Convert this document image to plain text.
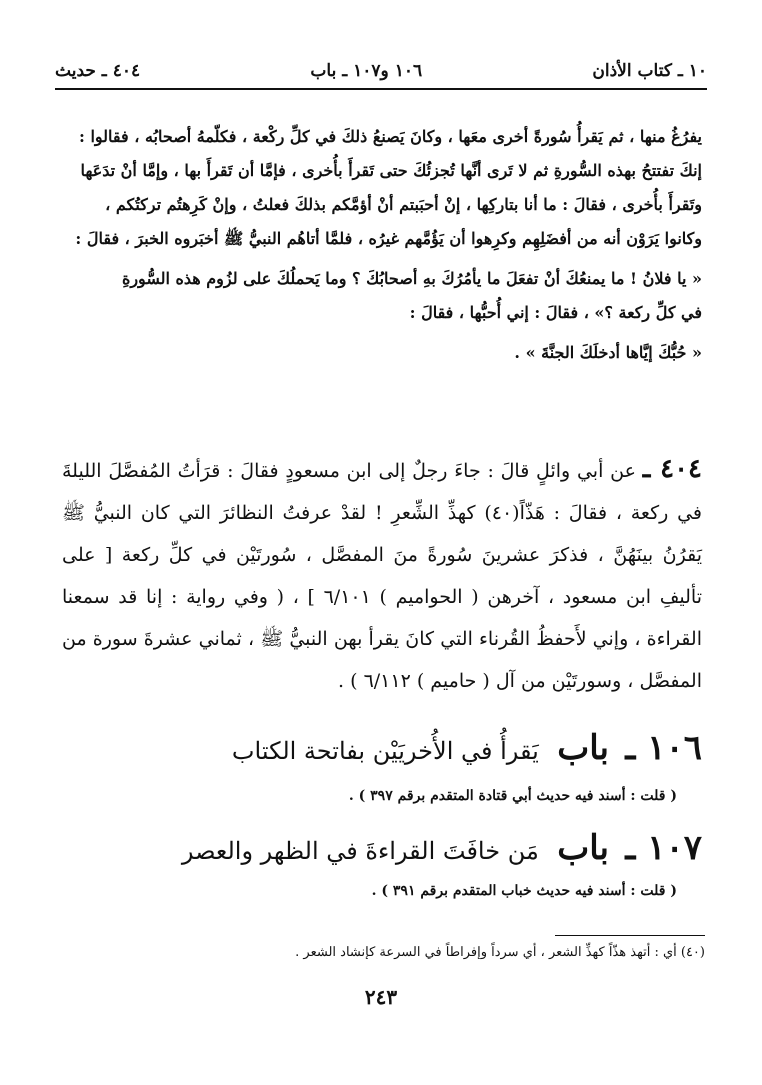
١٠ ـ كتاب الأذان
١٠٦ و١٠٧ ـ باب
٤٠٤ ـ حديث

يفرُغُ منها ، ثم يَقرأُ سُورةً أخرى معَها ، وكانَ يَصنعُ ذلكَ في كلِّ ركْعة ، فكلّمهُ أصحابُه ، فقالوا :

إنكَ تفتتحُ بهذه السُّورةِ ثم لا تَرى أنَّها تُجزئُكَ حتى تَقرأَ بأُخرى ، فإمَّا أن تَقرأَ بها ، وإمَّا أنْ تدَعَها

وتَقرأَ بأُخرى ، فقالَ : ما أنا بتاركِها ، إنْ أحبَبتم أنْ أؤمَّكم بذلكَ فعلتُ ، وإنْ كَرِهتُم تركتُكم ،

وكانوا يَرَوْن أنه من أفضَلِهِم وكرِهوا أن يَؤُمَّهم غيرُه ، فلمَّا أتاهُم النبيُّ ﷺ أخبَروه الخبرَ ، فقالَ :

« يا فلانُ ! ما يمنعُكَ أنْ تفعَلَ ما يأمُرُكَ بهِ أصحابُكَ ؟ وما يَحملُكَ على لزُوم هذه السُّورةِ

في كلِّ ركعة ؟» ، فقالَ : إني أُحبُّها ، فقالَ :

« حُبُّكَ إيَّاها أدخلَكَ الجنَّةَ » .

٤٠٤ ـ عن أبي وائلٍ قالَ : جاءَ رجلٌ إلى ابن مسعودٍ فقالَ : قرَأتُ المُفصَّلَ الليلةَ في ركعة ، فقالَ : هَذّاً(٤٠) كهذِّ الشِّعرِ ! لقدْ عرفتُ النظائرَ التي كان النبيُّ ﷺ يَقرُنُ بينَهُنَّ ، فذكرَ عشرينَ سُورةً منَ المفصَّل ، سُورتَيْن في كلِّ ركعة [ على تأليفِ ابن مسعود ، آخرهن ( الحواميم ) ٦/١٠١ ] ، ( وفي رواية : إنا قد سمعنا القراءة ، وإني لأَحفظُ القُرناء التي كانَ يقرأ بهن النبيُّ ﷺ ، ثماني عشرةَ سورة من المفصَّل ، وسورتَيْن من آل ( حاميم ) ٦/١١٢ ) .

١٠٦ ـ باب يَقرأُ في الأُخريَيْن بفاتحة الكتاب
( قلت : أسند فيه حديث أبي قتادة المتقدم برقم ٣٩٧ ) .
١٠٧ ـ باب مَن خافَتَ القراءةَ في الظهر والعصر
( قلت : أسند فيه حديث خباب المتقدم برقم ٣٩١ ) .
(٤٠) أي : أتهذ هذّاً كهذِّ الشعر ، أي سرداً وإفراطاً في السرعة كإنشاد الشعر .
٢٤٣
